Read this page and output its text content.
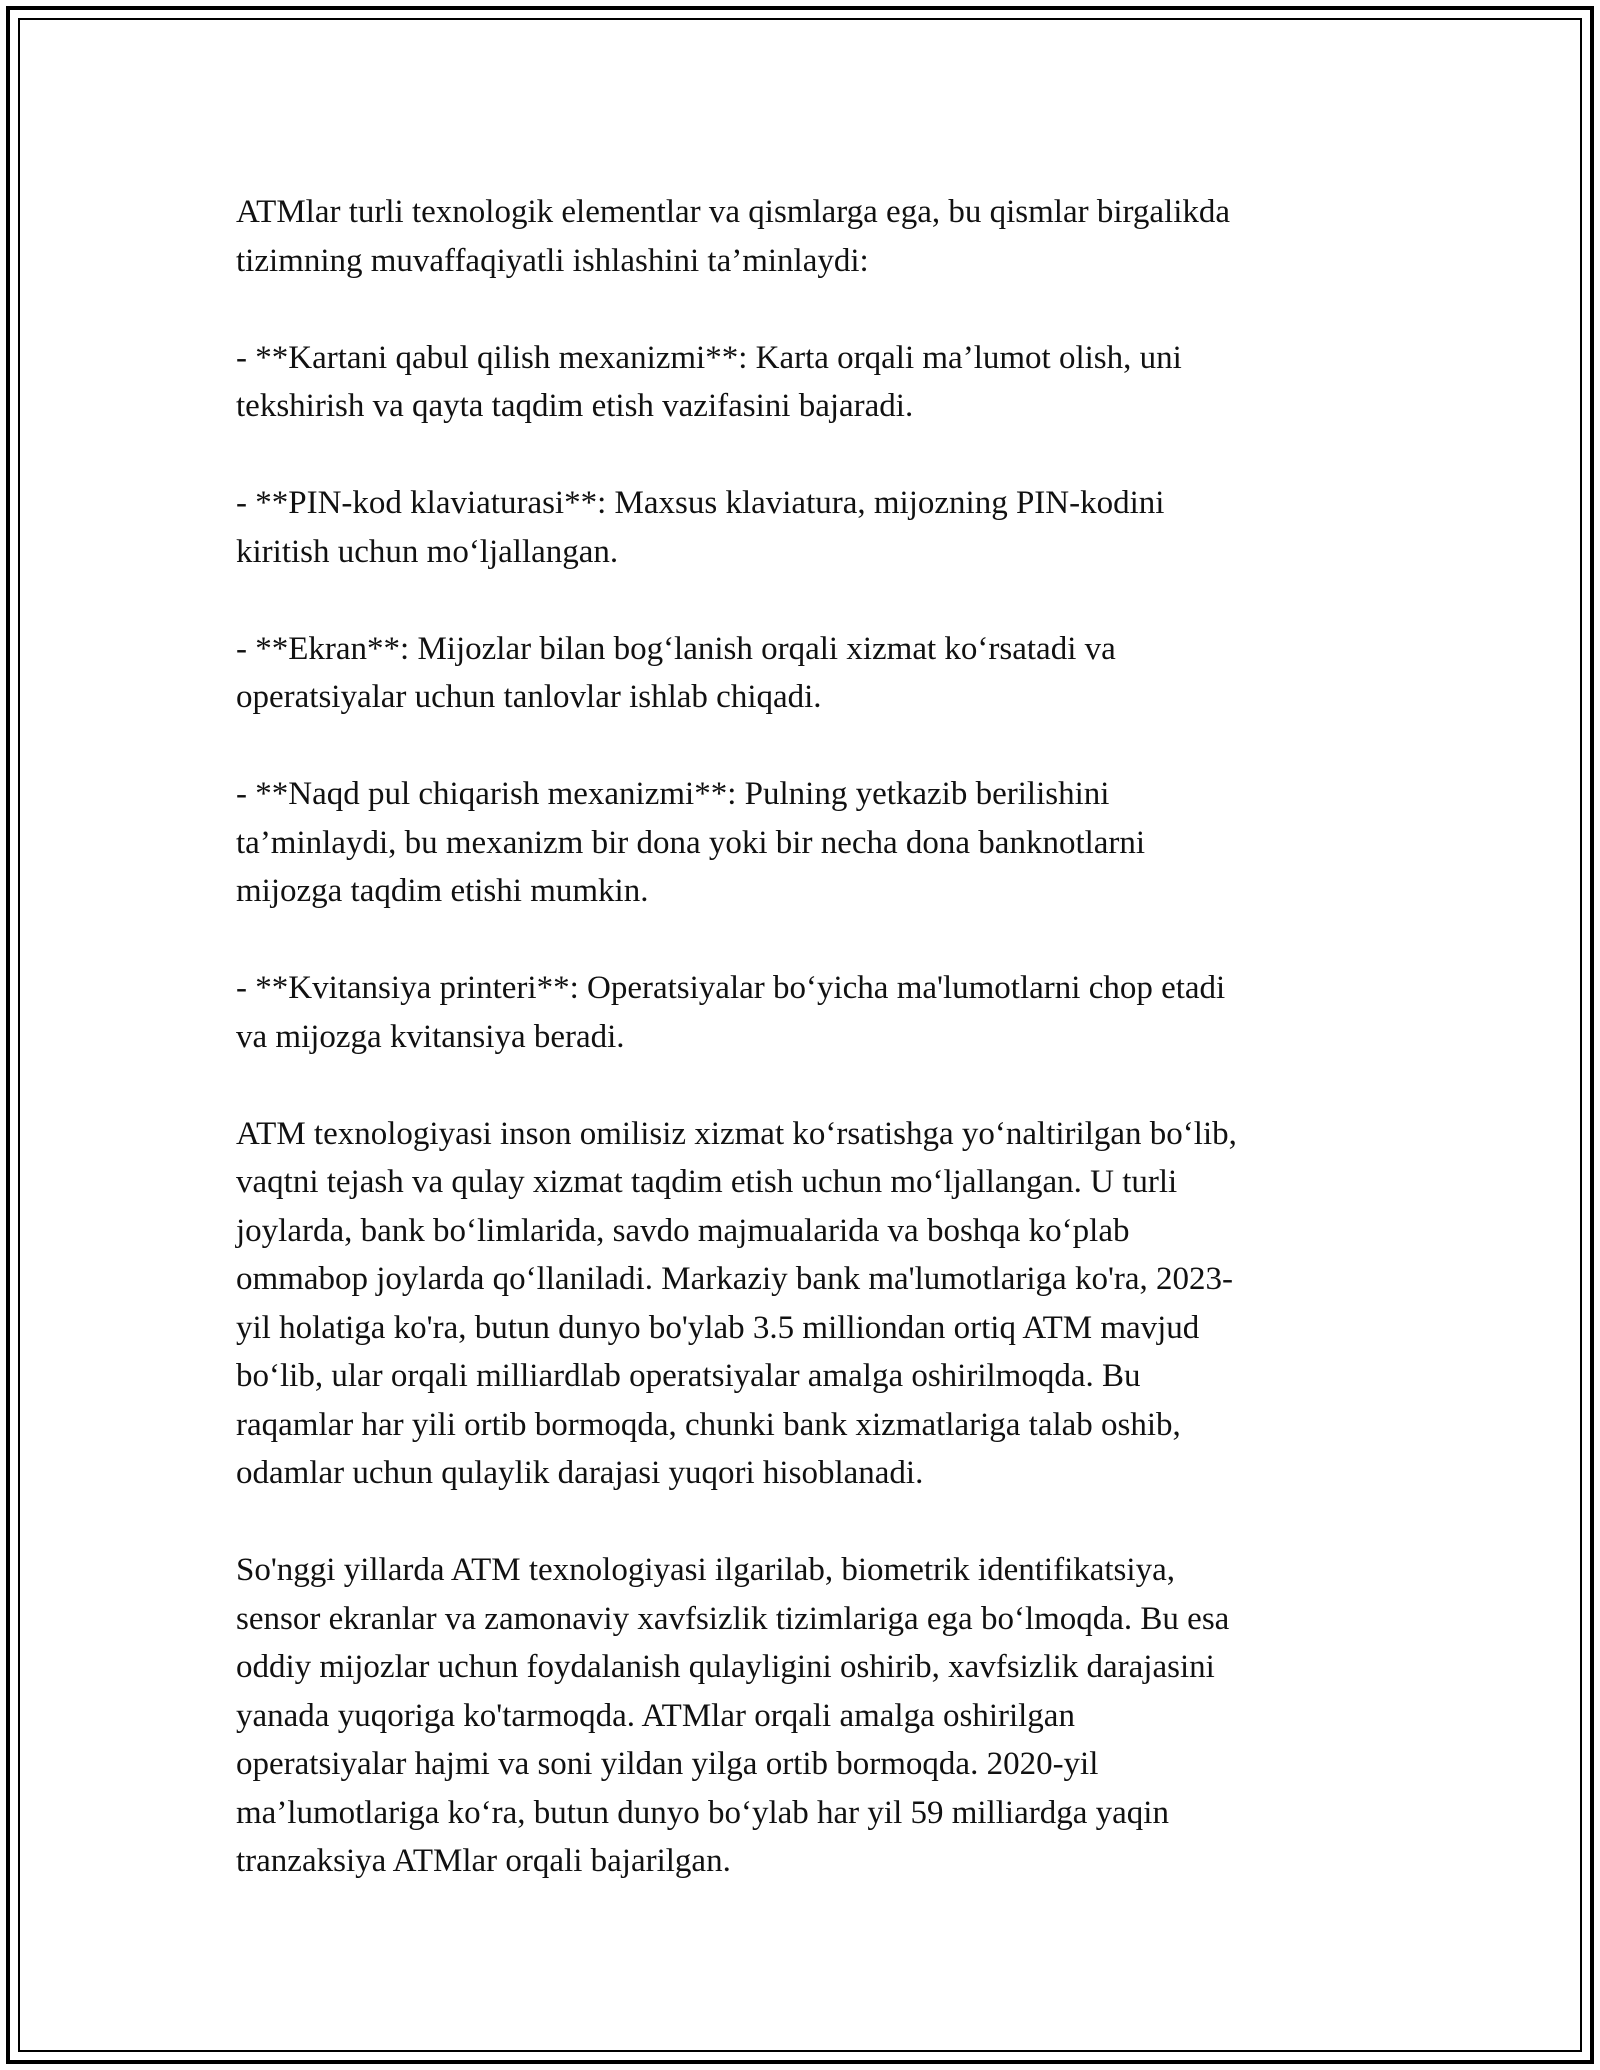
ATMlar turli texnologik elementlar va qismlarga ega, bu qismlar birgalikda
tizimning muvaffaqiyatli ishlashini ta’minlaydi:

- **Kartani qabul qilish mexanizmi**: Karta orqali ma’lumot olish, uni
tekshirish va qayta taqdim etish vazifasini bajaradi.

- **PIN-kod klaviaturasi**: Maxsus klaviatura, mijozning PIN-kodini
kiritish uchun mo‘ljallangan.

- **Ekran**: Mijozlar bilan bog‘lanish orqali xizmat ko‘rsatadi va
operatsiyalar uchun tanlovlar ishlab chiqadi.

- **Naqd pul chiqarish mexanizmi**: Pulning yetkazib berilishini
ta’minlaydi, bu mexanizm bir dona yoki bir necha dona banknotlarni
mijozga taqdim etishi mumkin.

- **Kvitansiya printeri**: Operatsiyalar bo‘yicha ma'lumotlarni chop etadi
va mijozga kvitansiya beradi.

ATM texnologiyasi inson omilisiz xizmat ko‘rsatishga yo‘naltirilgan bo‘lib,
vaqtni tejash va qulay xizmat taqdim etish uchun mo‘ljallangan. U turli
joylarda, bank bo‘limlarida, savdo majmualarida va boshqa ko‘plab
ommabop joylarda qo‘llaniladi. Markaziy bank ma'lumotlariga ko'ra, 2023-
yil holatiga ko'ra, butun dunyo bo'ylab 3.5 milliondan ortiq ATM mavjud
bo‘lib, ular orqali milliardlab operatsiyalar amalga oshirilmoqda. Bu
raqamlar har yili ortib bormoqda, chunki bank xizmatlariga talab oshib,
odamlar uchun qulaylik darajasi yuqori hisoblanadi.

So'nggi yillarda ATM texnologiyasi ilgarilab, biometrik identifikatsiya,
sensor ekranlar va zamonaviy xavfsizlik tizimlariga ega bo‘lmoqda. Bu esa
oddiy mijozlar uchun foydalanish qulayligini oshirib, xavfsizlik darajasini
yanada yuqoriga ko'tarmoqda. ATMlar orqali amalga oshirilgan
operatsiyalar hajmi va soni yildan yilga ortib bormoqda. 2020-yil
ma’lumotlariga ko‘ra, butun dunyo bo‘ylab har yil 59 milliardga yaqin
tranzaksiya ATMlar orqali bajarilgan.
